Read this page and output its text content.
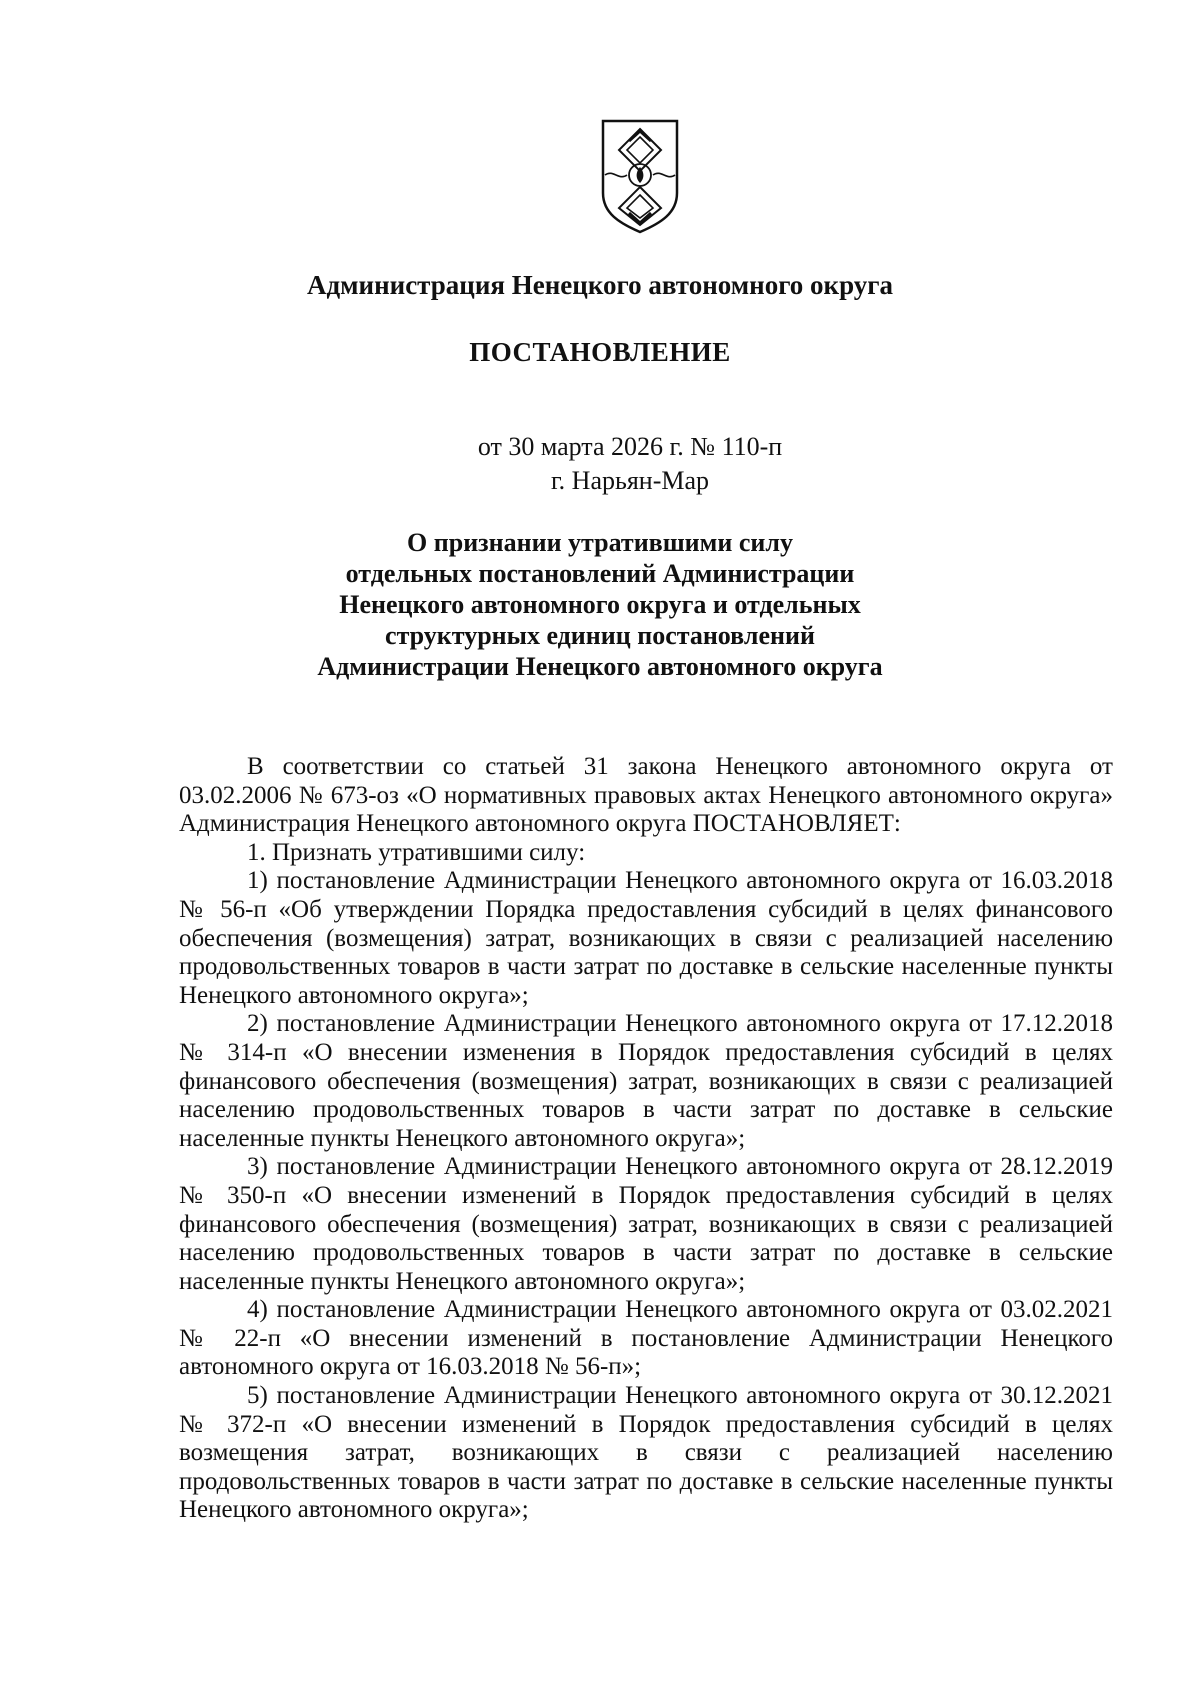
Администрация Ненецкого автономного округа
ПОСТАНОВЛЕНИЕ
от 30 марта 2026 г. № 110-п
г. Нарьян-Мар
О признании утратившими силу
отдельных постановлений Администрации
Ненецкого автономного округа и отдельных
структурных единиц постановлений
Администрации Ненецкого автономного округа

В соответствии со статьей 31 закона Ненецкого автономного округа от 03.02.2006 № 673-оз «О нормативных правовых актах Ненецкого автономного округа» Администрация Ненецкого автономного округа ПОСТАНОВЛЯЕТ:

1. Признать утратившими силу:

1) постановление Администрации Ненецкого автономного округа от 16.03.2018 № 56-п «Об утверждении Порядка предоставления субсидий в целях финансового обеспечения (возмещения) затрат, возникающих в связи с реализацией населению продовольственных товаров в части затрат по доставке в сельские населенные пункты Ненецкого автономного округа»;

2) постановление Администрации Ненецкого автономного округа от 17.12.2018 № 314-п «О внесении изменения в Порядок предоставления субсидий в целях финансового обеспечения (возмещения) затрат, возникающих в связи с реализацией населению продовольственных товаров в части затрат по доставке в сельские населенные пункты Ненецкого автономного округа»;

3) постановление Администрации Ненецкого автономного округа от 28.12.2019 № 350-п «О внесении изменений в Порядок предоставления субсидий в целях финансового обеспечения (возмещения) затрат, возникающих в связи с реализацией населению продовольственных товаров в части затрат по доставке в сельские населенные пункты Ненецкого автономного округа»;

4) постановление Администрации Ненецкого автономного округа от 03.02.2021 № 22-п «О внесении изменений в постановление Администрации Ненецкого автономного округа от 16.03.2018 № 56-п»;

5) постановление Администрации Ненецкого автономного округа от 30.12.2021 № 372-п «О внесении изменений в Порядок предоставления субсидий в целях возмещения затрат, возникающих в связи с реализацией населению продовольственных товаров в части затрат по доставке в сельские населенные пункты Ненецкого автономного округа»;
